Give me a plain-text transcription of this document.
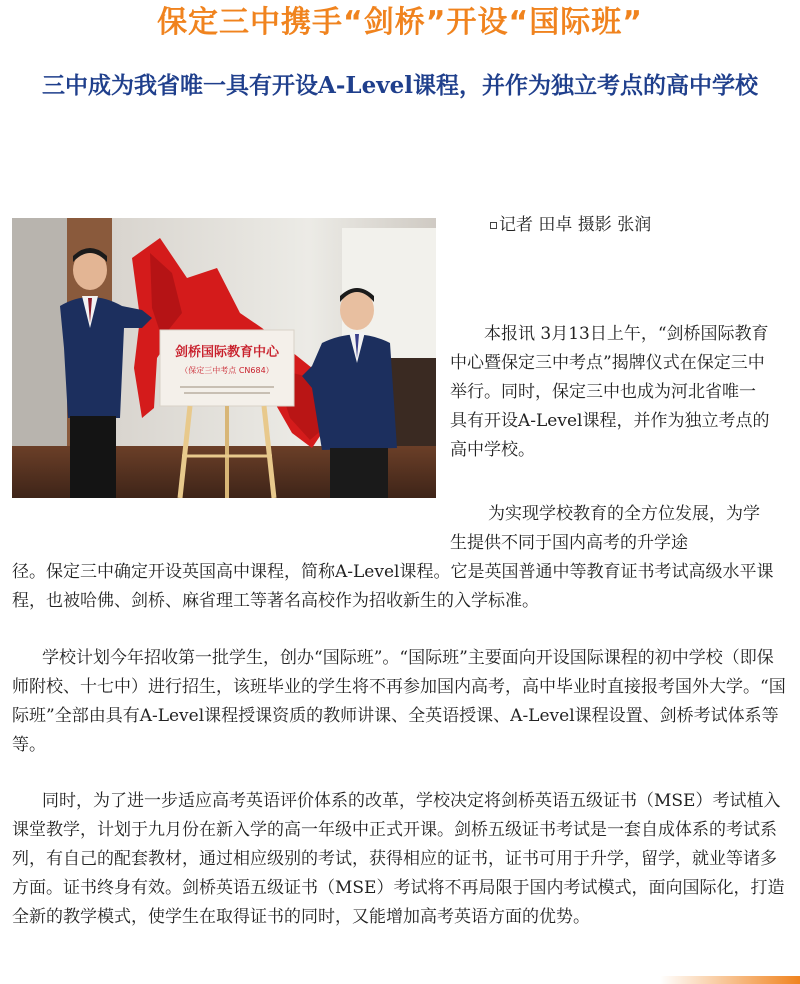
保定三中携手“剑桥”开设“国际班”
三中成为我省唯一具有开设A-Level课程，并作为独立考点的高中学校
剑桥国际教育中心
（保定三中考点 CN684）
记者 田卓 摄影 张润

本报讯 3月13日上午，“剑桥国际教育中心暨保定三中考点”揭牌仪式在保定三中举行。同时，保定三中也成为河北省唯一具有开设A-Level课程，并作为独立考点的高中学校。

为实现学校教育的全方位发展，为学生提供不同于国内高考的升学途

径。保定三中确定开设英国高中课程，简称A-Level课程。它是英国普通中等教育证书考试高级水平课程，也被哈佛、剑桥、麻省理工等著名高校作为招收新生的入学标准。

学校计划今年招收第一批学生，创办“国际班”。“国际班”主要面向开设国际课程的初中学校（即保师附校、十七中）进行招生，该班毕业的学生将不再参加国内高考，高中毕业时直接报考国外大学。“国际班”全部由具有A-Level课程授课资质的教师讲课、全英语授课、A-Level课程设置、剑桥考试体系等等。

同时，为了进一步适应高考英语评价体系的改革，学校决定将剑桥英语五级证书（MSE）考试植入课堂教学，计划于九月份在新入学的高一年级中正式开课。剑桥五级证书考试是一套自成体系的考试系列，有自己的配套教材，通过相应级别的考试，获得相应的证书，证书可用于升学，留学，就业等诸多方面。证书终身有效。剑桥英语五级证书（MSE）考试将不再局限于国内考试模式，面向国际化，打造全新的教学模式，使学生在取得证书的同时，又能增加高考英语方面的优势。
